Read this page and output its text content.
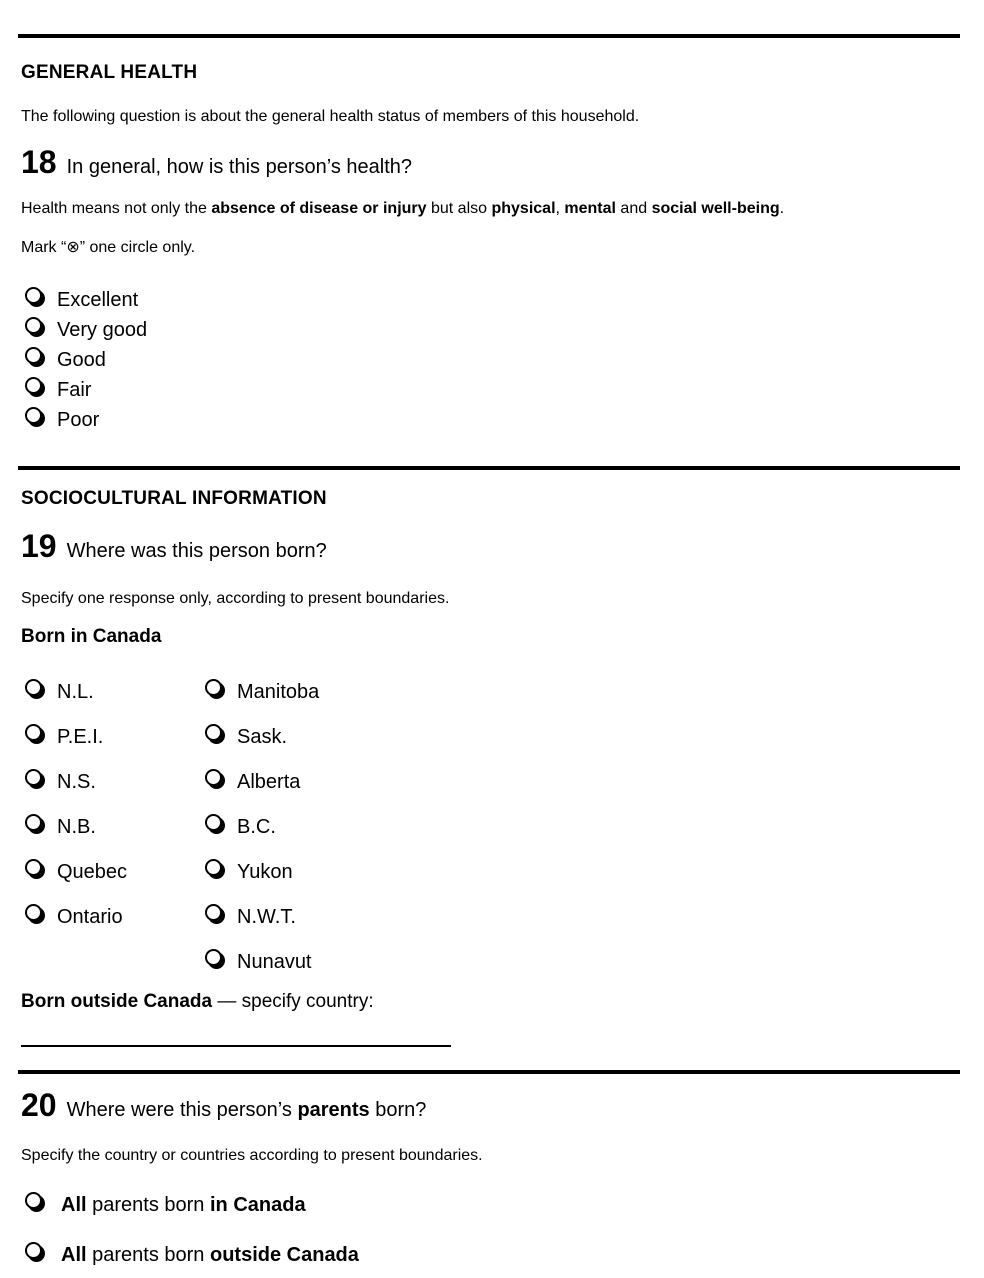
GENERAL HEALTH
The following question is about the general health status of members of this household.
18 In general, how is this person’s health?
Health means not only the absence of disease or injury but also physical, mental and social well-being.
Mark “⊗” one circle only.
Excellent
Very good
Good
Fair
Poor
SOCIOCULTURAL INFORMATION
19 Where was this person born?
Specify one response only, according to present boundaries.
Born in Canada
N.L.
P.E.I.
N.S.
N.B.
Quebec
Ontario
Manitoba
Sask.
Alberta
B.C.
Yukon
N.W.T.
Nunavut
Born outside Canada — specify country:
20 Where were this person’s parents born?
Specify the country or countries according to present boundaries.
All parents born in Canada
All parents born outside Canada
